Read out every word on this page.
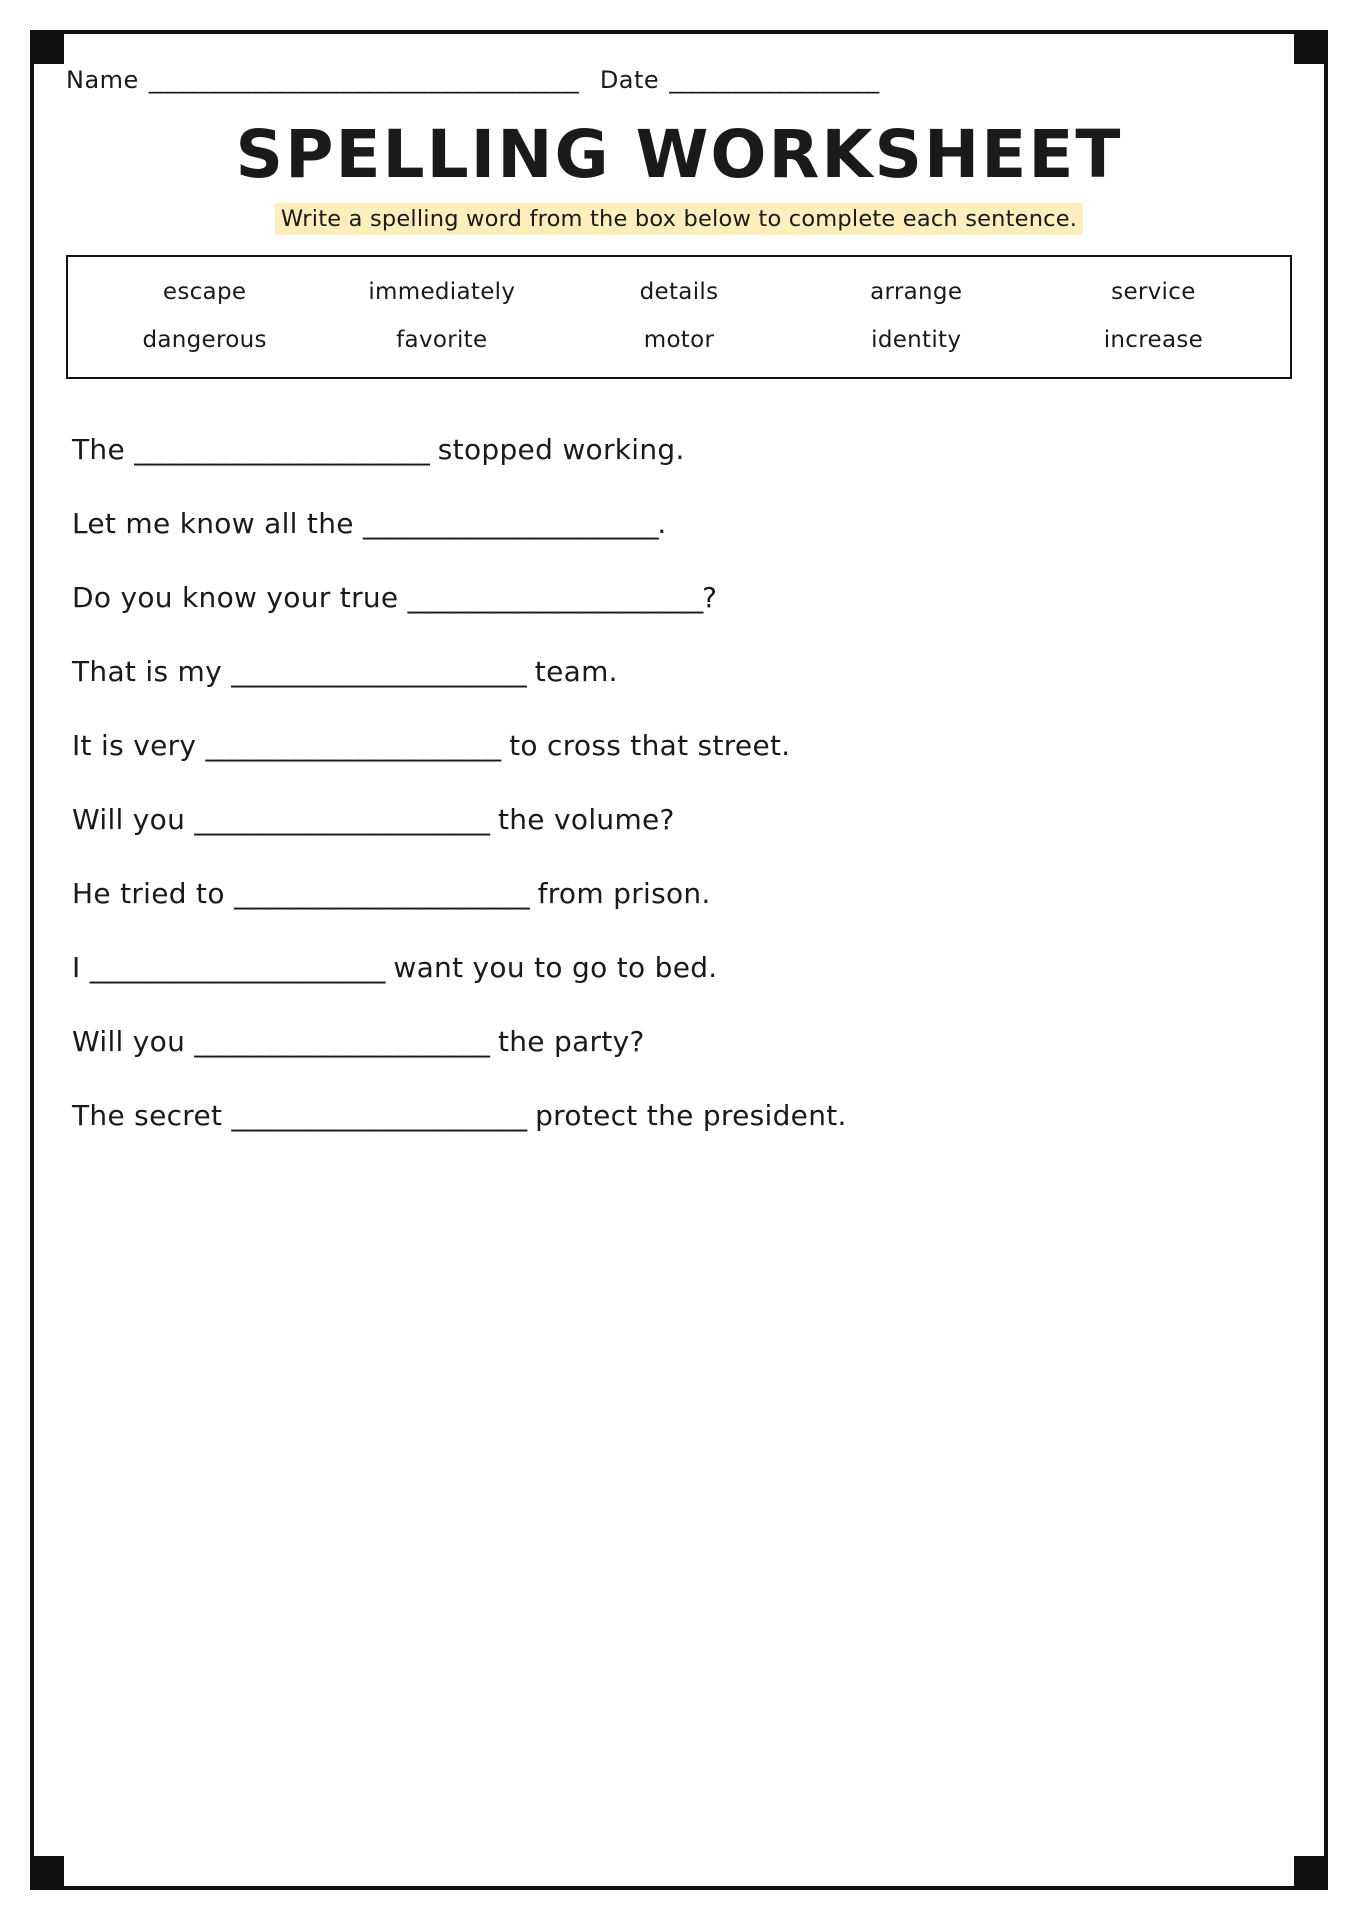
Name _______________________________________ Date ___________________
SPELLING WORKSHEET
Write a spelling word from the box below to complete each sentence.
escape	immediately	details	arrange	service
dangerous	favorite	motor	identity	increase
The _______________________ stopped working.
Let me know all the _______________________.
Do you know your true _______________________?
That is my _______________________ team.
It is very _______________________ to cross that street.
Will you _______________________ the volume?
He tried to _______________________ from prison.
I _______________________ want you to go to bed.
Will you _______________________ the party?
The secret _______________________ protect the president.
